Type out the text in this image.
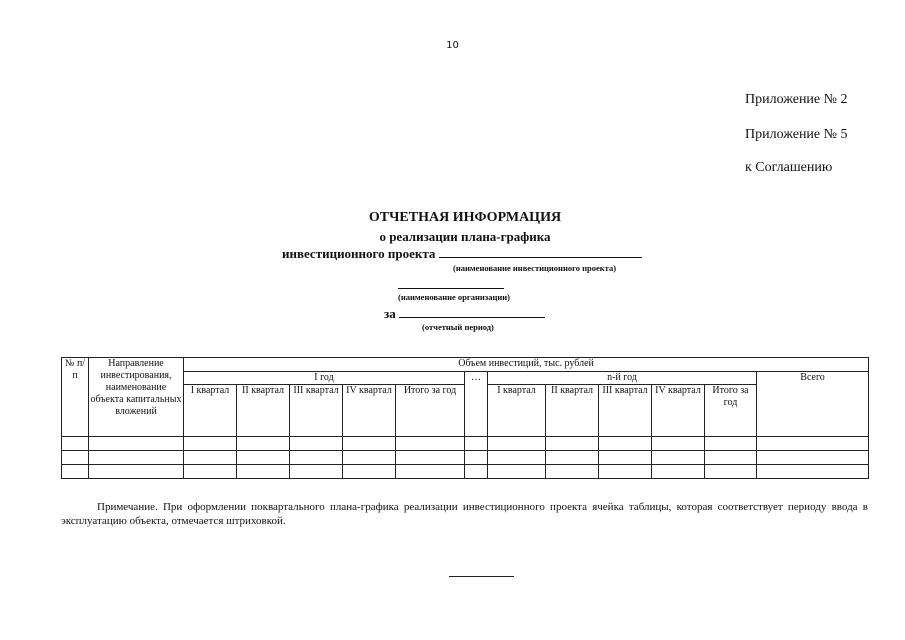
10
Приложение № 2
Приложение № 5
к Соглашению
ОТЧЕТНАЯ ИНФОРМАЦИЯ
о реализации плана-графика
инвестиционного проекта
(наименование инвестиционного проекта)
(наименование организации)
за
(отчетный период)
№ п/п	Направление инвестирования, наименование объекта капитальных вложений	Объем инвестиций, тыс. рублей											
		I год					…	n-й год					Всего
		I квартал	II квартал	III квартал	IV квартал	Итого за год		I квартал	II квартал	III квартал	IV квартал	Итого за год	

Примечание. При оформлении поквартального плана-графика реализации инвестиционного проекта ячейка таблицы, которая соответствует периоду ввода в эксплуатацию объекта, отмечается штриховкой.
